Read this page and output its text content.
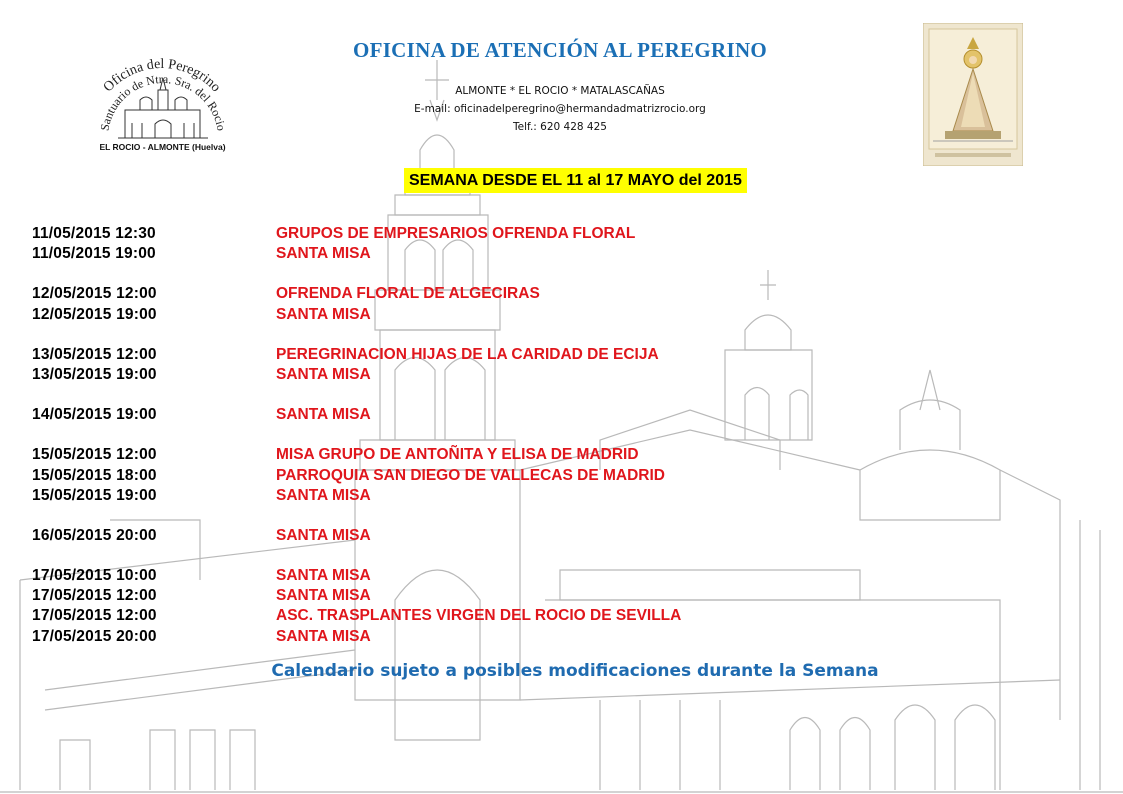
Oficina del Peregrino
Santuario de Ntra. Sra. del Rocio
EL ROCIO - ALMONTE (Huelva)
OFICINA DE ATENCIÓN AL PEREGRINO
ALMONTE * EL ROCIO * MATALASCAÑAS
E-mail: oficinadelperegrino@hermandadmatrizrocio.org
Telf.: 620 428 425
SEMANA DESDE EL 11 al 17 MAYO del 2015
11/05/2015 12:30	GRUPOS DE EMPRESARIOS OFRENDA FLORAL
11/05/2015 19:00	SANTA MISA
12/05/2015 12:00	OFRENDA FLORAL DE ALGECIRAS
12/05/2015 19:00	SANTA MISA
13/05/2015 12:00	PEREGRINACION HIJAS DE LA CARIDAD DE ECIJA
13/05/2015 19:00	SANTA MISA
14/05/2015 19:00	SANTA MISA
15/05/2015 12:00	MISA GRUPO DE ANTOÑITA Y ELISA DE MADRID
15/05/2015 18:00	PARROQUIA SAN DIEGO DE VALLECAS DE MADRID
15/05/2015 19:00	SANTA MISA
16/05/2015 20:00	SANTA MISA
17/05/2015 10:00	SANTA MISA
17/05/2015 12:00	SANTA MISA
17/05/2015 12:00	ASC. TRASPLANTES VIRGEN DEL ROCIO DE SEVILLA
17/05/2015 20:00	SANTA MISA
Calendario sujeto a posibles modificaciones durante la Semana
